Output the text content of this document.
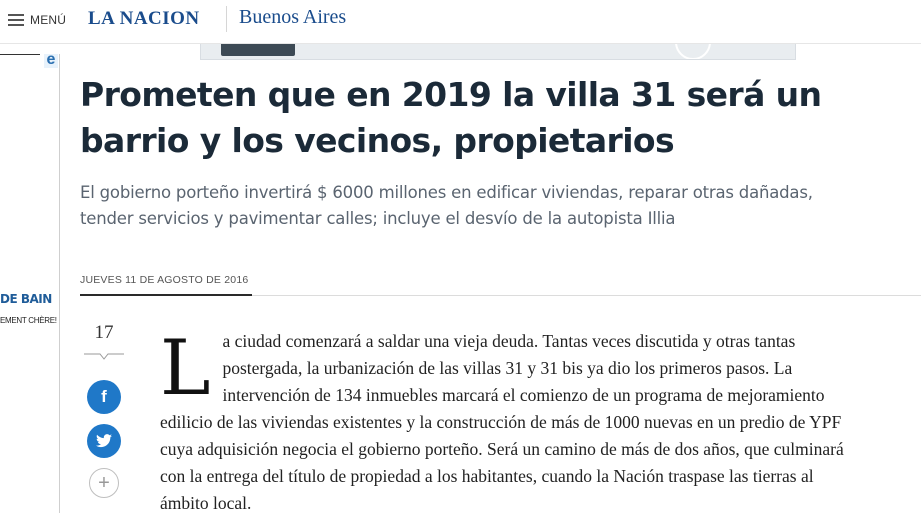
MENÚ LA NACION Buenos Aires
e
DE BAIN
EMENT CHÈRE!
Prometen que en 2019 la villa 31 será un barrio y los vecinos, propietarios

El gobierno porteño invertirá $ 6000 millones en edificar viviendas, reparar otras dañadas, tender servicios y pavimentar calles; incluye el desvío de la autopista Illia

JUEVES 11 DE AGOSTO DE 2016
17
f
+
L a ciudad comenzará a saldar una vieja deuda. Tantas veces discutida y otras tantas postergada, la urbanización de las villas 31 y 31 bis ya dio los primeros pasos. La intervención de 134 inmuebles marcará el comienzo de un programa de mejoramiento edilicio de las viviendas existentes y la construcción de más de 1000 nuevas en un predio de YPF cuya adquisición negocia el gobierno porteño. Será un camino de más de dos años, que culminará con la entrega del título de propiedad a los habitantes, cuando la Nación traspase las tierras al ámbito local.
